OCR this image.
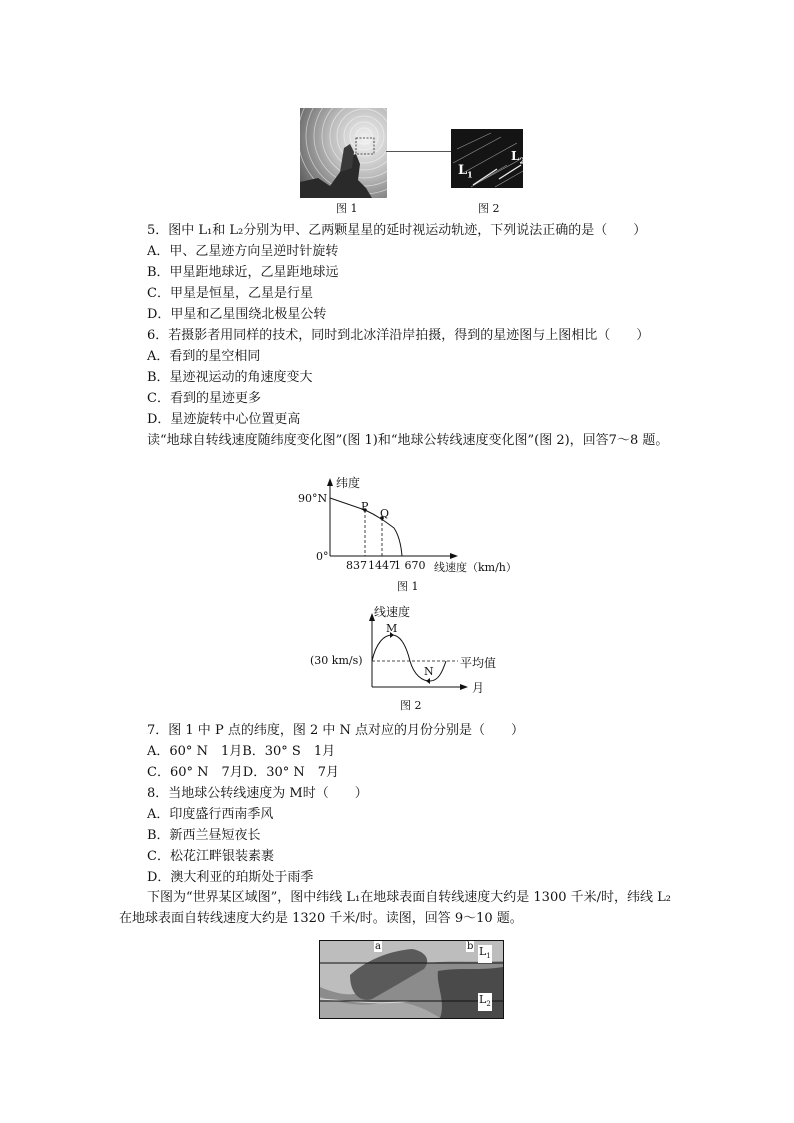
$L_1$
$L_2$
图 1	图 2
5．图中 L₁和 L₂分别为甲、乙两颗星星的延时视运动轨迹，下列说法正确的是（　　）
A．甲、乙星迹方向呈逆时针旋转
B．甲星距地球近，乙星距地球远
C．甲星是恒星，乙星是行星
D．甲星和乙星围绕北极星公转
6．若摄影者用同样的技术，同时到北冰洋沿岸拍摄，得到的星迹图与上图相比（　　）
A．看到的星空相同
B．星迹视运动的角速度变大
C．看到的星迹更多
D．星迹旋转中心位置更高
读“地球自转线速度随纬度变化图”(图 1)和“地球公转线速度变化图”(图 2)，回答7～8 题。
纬度
90°N
0°
P
Q
837 1447
1 670 线速度（km/h）
图 1
线速度
M
N
(30 km/s)	平均值
月
图 2
7．图 1 中 P 点的纬度，图 2 中 N 点对应的月份分别是（　　）
A．60° N　1月B．30° S　1月
C．60° N　7月D．30° N　7月
8．当地球公转线速度为 M时（　　）
A．印度盛行西南季风
B．新西兰昼短夜长
C．松花江畔银装素裹
D．澳大利亚的珀斯处于雨季
下图为“世界某区域图”，图中纬线 L₁在地球表面自转线速度大约是 1300 千米/时，纬线 L₂在地球表面自转线速度大约是 1320 千米/时。读图，回答 9～10 题。
a	b $L_1$
$L_2$
